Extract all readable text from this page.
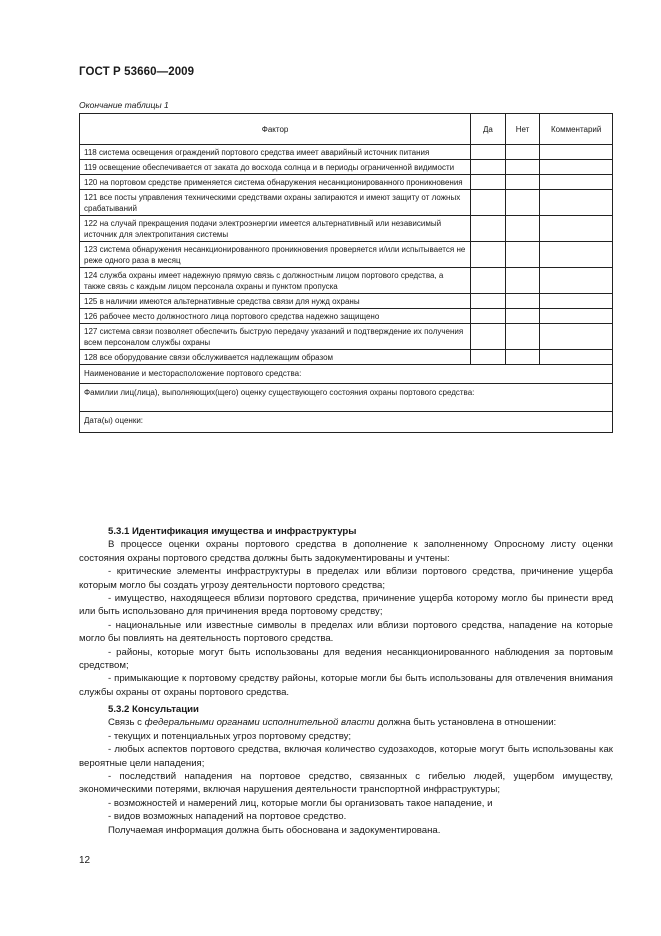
ГОСТ Р 53660—2009
Окончание таблицы 1
Фактор	Да	Нет	Комментарий
118 система освещения ограждений портового средства имеет аварийный источник питания			
119 освещение обеспечивается от заката до восхода солнца и в периоды ограниченной видимости			
120 на портовом средстве применяется система обнаружения несанкционированного проникновения			
121 все посты управления техническими средствами охраны запираются и имеют защиту от ложных срабатываний			
122 на случай прекращения подачи электроэнергии имеется альтернативный или независимый источник для электропитания системы			
123 система обнаружения несанкционированного проникновения проверяется и/или испытывается не реже одного раза в месяц			
124 служба охраны имеет надежную прямую связь с должностным лицом портового средства, а также связь с каждым лицом персонала охраны и пунктом пропуска			
125 в наличии имеются альтернативные средства связи для нужд охраны			
126 рабочее место должностного лица портового средства надежно защищено			
127 система связи позволяет обеспечить быструю передачу указаний и подтверждение их получения всем персоналом службы охраны			
128 все оборудование связи обслуживается надлежащим образом			
Наименование и месторасположение портового средства:			
Фамилии лиц(лица), выполняющих(щего) оценку существующего состояния охраны портового средства:			
Дата(ы) оценки:			

5.3.1 Идентификация имущества и инфраструктуры

В процессе оценки охраны портового средства в дополнение к заполненному Опросному листу оценки состояния охраны портового средства должны быть задокументированы и учтены:

- критические элементы инфраструктуры в пределах или вблизи портового средства, причинение ущерба которым могло бы создать угрозу деятельности портового средства;

- имущество, находящееся вблизи портового средства, причинение ущерба которому могло бы принести вред или быть использовано для причинения вреда портовому средству;

- национальные или известные символы в пределах или вблизи портового средства, нападение на которые могло бы повлиять на деятельность портового средства.

- районы, которые могут быть использованы для ведения несанкционированного наблюдения за портовым средством;

- примыкающие к портовому средству районы, которые могли бы быть использованы для отвлечения внимания службы охраны от охраны портового средства.

5.3.2 Консультации

Связь с федеральными органами исполнительной власти должна быть установлена в отношении:

- текущих и потенциальных угроз портовому средству;

- любых аспектов портового средства, включая количество судозаходов, которые могут быть использованы как вероятные цели нападения;

- последствий нападения на портовое средство, связанных с гибелью людей, ущербом имуществу, экономическими потерями, включая нарушения деятельности транспортной инфраструктуры;

- возможностей и намерений лиц, которые могли бы организовать такое нападение, и

- видов возможных нападений на портовое средство.

Получаемая информация должна быть обоснована и задокументирована.

12
